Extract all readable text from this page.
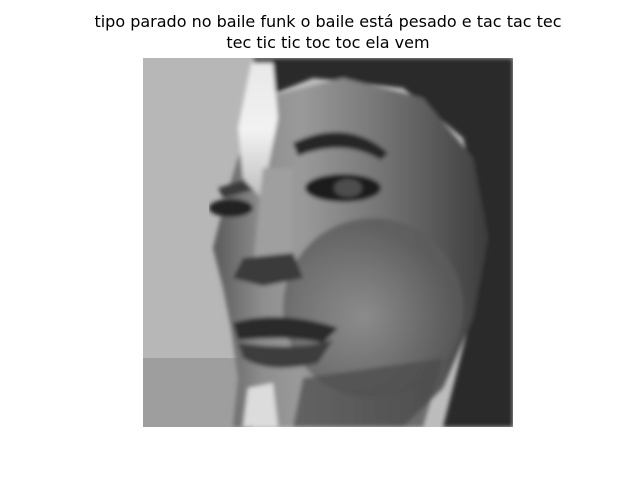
tipo parado no baile funk o baile está pesado e tac tac tec
tec tic tic toc toc ela vem
